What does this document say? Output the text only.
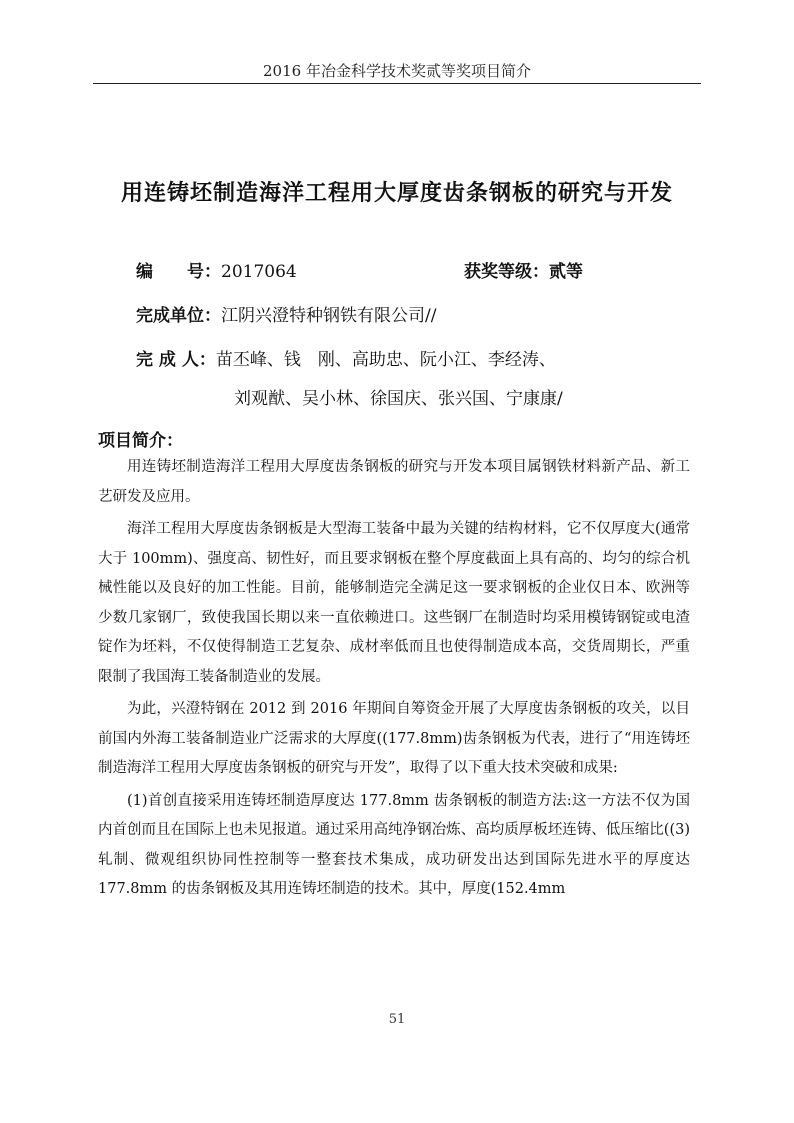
2016 年冶金科学技术奖贰等奖项目简介
用连铸坯制造海洋工程用大厚度齿条钢板的研究与开发
编　　号：2017064	获奖等级：贰等
完成单位：江阴兴澄特种钢铁有限公司//
完 成 人：苗丕峰、钱　刚、高助忠、阮小江、李经涛、
刘观猷、吴小林、徐国庆、张兴国、宁康康/
项目简介：

用连铸坯制造海洋工程用大厚度齿条钢板的研究与开发本项目属钢铁材料新产品、新工艺研发及应用。

海洋工程用大厚度齿条钢板是大型海工装备中最为关键的结构材料，它不仅厚度大(通常大于 100mm)、强度高、韧性好，而且要求钢板在整个厚度截面上具有高的、均匀的综合机械性能以及良好的加工性能。目前，能够制造完全满足这一要求钢板的企业仅日本、欧洲等少数几家钢厂，致使我国长期以来一直依赖进口。这些钢厂在制造时均采用模铸钢锭或电渣锭作为坯料，不仅使得制造工艺复杂、成材率低而且也使得制造成本高，交货周期长，严重限制了我国海工装备制造业的发展。

为此，兴澄特钢在 2012 到 2016 年期间自筹资金开展了大厚度齿条钢板的攻关，以目前国内外海工装备制造业广泛需求的大厚度((177.8mm)齿条钢板为代表，进行了“用连铸坯制造海洋工程用大厚度齿条钢板的研究与开发”，取得了以下重大技术突破和成果:

(1)首创直接采用连铸坯制造厚度达 177.8mm 齿条钢板的制造方法:这一方法不仅为国内首创而且在国际上也未见报道。通过采用高纯净钢冶炼、高均质厚板坯连铸、低压缩比((3)轧制、微观组织协同性控制等一整套技术集成，成功研发出达到国际先进水平的厚度达 177.8mm 的齿条钢板及其用连铸坯制造的技术。其中，厚度(152.4mm

51
